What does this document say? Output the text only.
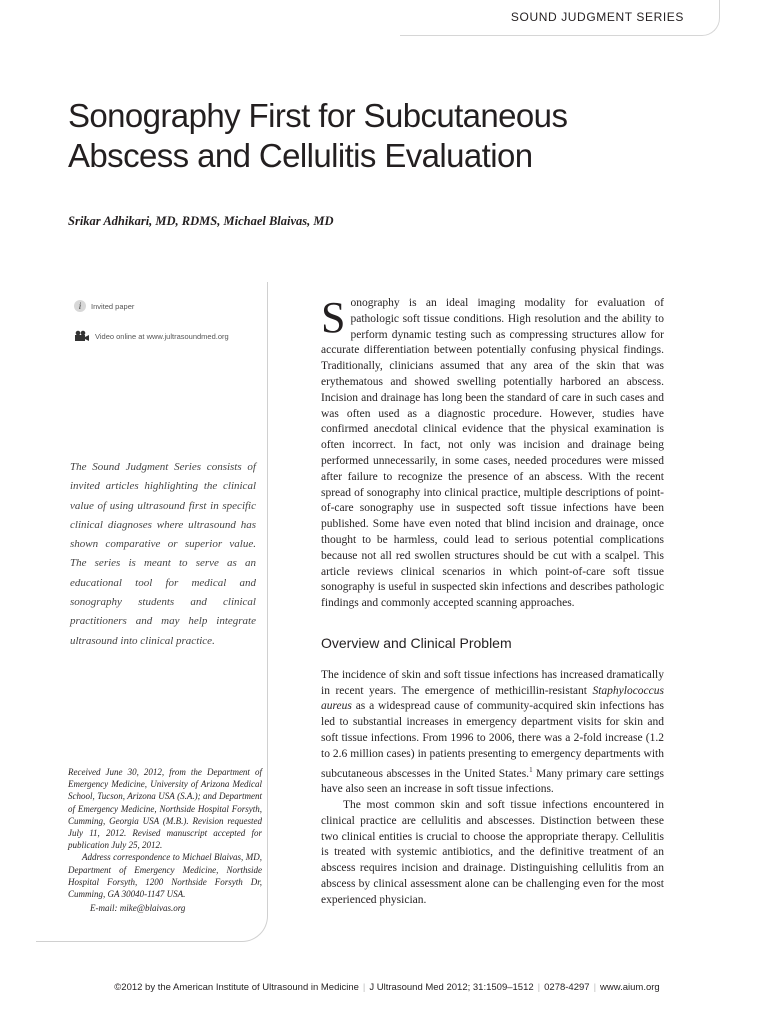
SOUND JUDGMENT SERIES
Sonography First for Subcutaneous
Abscess and Cellulitis Evaluation
Srikar Adhikari, MD, RDMS, Michael Blaivas, MD
i	Invited paper
Video online at www.jultrasoundmed.org
The Sound Judgment Series consists of invited articles highlighting the clinical value of using ultrasound first in specific clinical diagnoses where ultrasound has shown comparative or superior value. The series is meant to serve as an educational tool for medical and sonography students and clinical practitioners and may help integrate ultrasound into clinical practice.

Received June 30, 2012, from the Department of Emergency Medicine, University of Arizona Medical School, Tucson, Arizona USA (S.A.); and Department of Emergency Medicine, Northside Hospital Forsyth, Cumming, Georgia USA (M.B.). Revision requested July 11, 2012. Revised manuscript accepted for publication July 25, 2012.

Address correspondence to Michael Blaivas, MD, Department of Emergency Medicine, Northside Hospital Forsyth, 1200 Northside Forsyth Dr, Cumming, GA 30040-1147 USA.

E-mail: mike@blaivas.org

Sonography is an ideal imaging modality for evaluation of pathologic soft tissue conditions. High resolution and the ability to perform dynamic testing such as compressing structures allow for accurate differentiation between potentially confusing physical findings. Traditionally, clinicians assumed that any area of the skin that was erythematous and showed swelling potentially harbored an abscess. Incision and drainage has long been the standard of care in such cases and was often used as a diagnostic procedure. However, studies have confirmed anecdotal clinical evidence that the physical examination is often incorrect. In fact, not only was incision and drainage being performed unnecessarily, in some cases, needed procedures were missed after failure to recognize the presence of an abscess. With the recent spread of sonography into clinical practice, multiple descriptions of point-of-care sonography use in suspected soft tissue infections have been published. Some have even noted that blind incision and drainage, once thought to be harmless, could lead to serious potential complications because not all red swollen structures should be cut with a scalpel. This article reviews clinical scenarios in which point-of-care soft tissue sonography is useful in suspected skin infections and describes pathologic findings and commonly accepted scanning approaches.

Overview and Clinical Problem

The incidence of skin and soft tissue infections has increased dramatically in recent years. The emergence of methicillin-resistant Staphylococcus aureus as a widespread cause of community-acquired skin infections has led to substantial increases in emergency department visits for skin and soft tissue infections. From 1996 to 2006, there was a 2-fold increase (1.2 to 2.6 million cases) in patients presenting to emergency departments with subcutaneous abscesses in the United States.$^1$ Many primary care settings have also seen an increase in soft tissue infections.

The most common skin and soft tissue infections encountered in clinical practice are cellulitis and abscesses. Distinction between these two clinical entities is crucial to choose the appropriate therapy. Cellulitis is treated with systemic antibiotics, and the definitive treatment of an abscess requires incision and drainage. Distinguishing cellulitis from an abscess by clinical assessment alone can be challenging even for the most experienced physician.

©2012 by the American Institute of Ultrasound in Medicine | J Ultrasound Med 2012; 31:1509–1512 | 0278-4297 | www.aium.org
